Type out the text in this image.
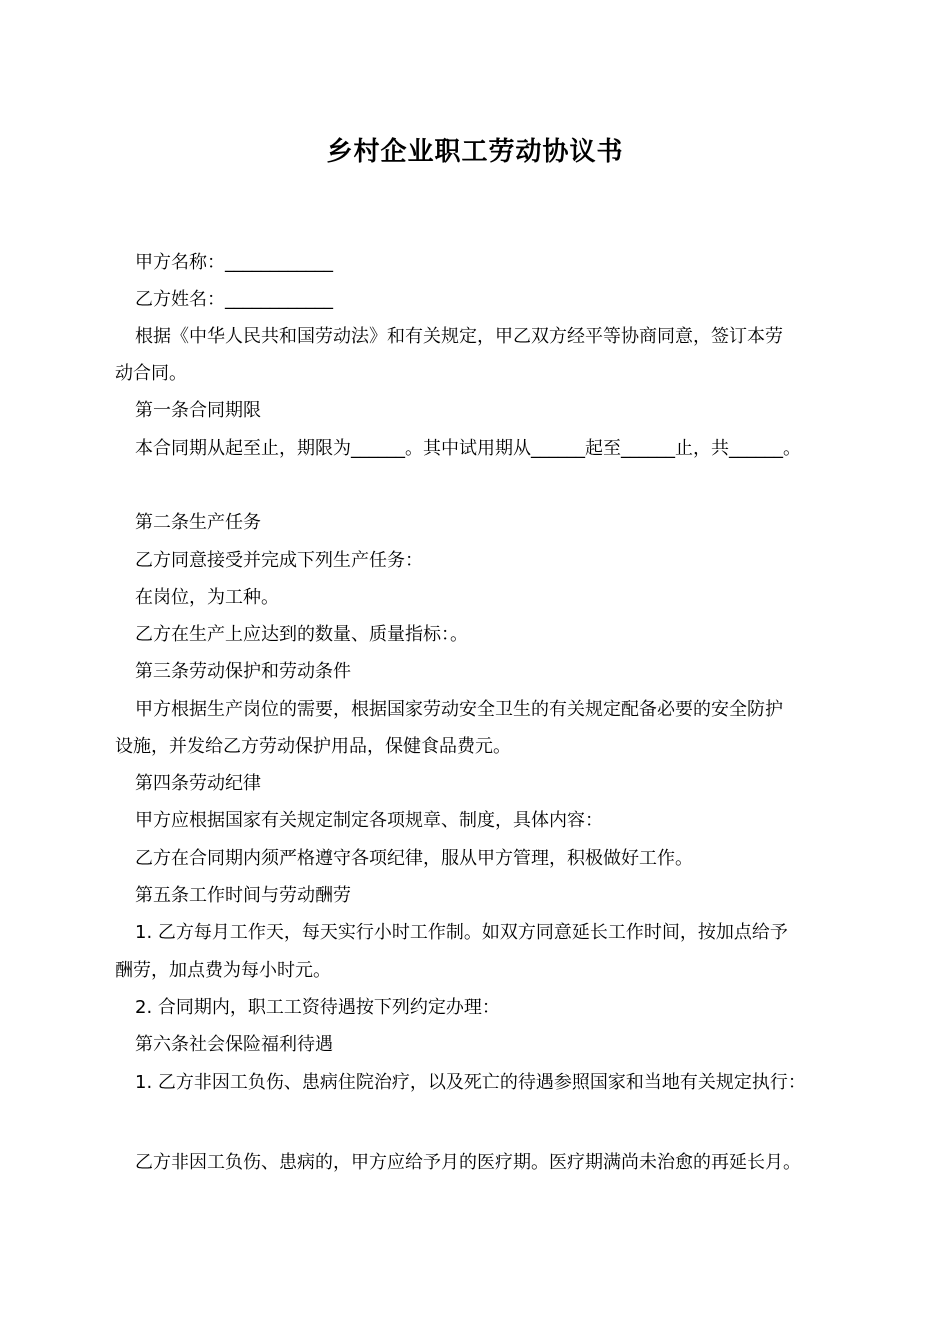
乡村企业职工劳动协议书
甲方名称：____________
乙方姓名：____________
根据《中华人民共和国劳动法》和有关规定，甲乙双方经平等协商同意，签订本劳
动合同。
第一条合同期限
本合同期从起至止，期限为______。其中试用期从______起至______止，共______。
第二条生产任务
乙方同意接受并完成下列生产任务：
在岗位，为工种。
乙方在生产上应达到的数量、质量指标：。
第三条劳动保护和劳动条件
甲方根据生产岗位的需要，根据国家劳动安全卫生的有关规定配备必要的安全防护
设施，并发给乙方劳动保护用品，保健食品费元。
第四条劳动纪律
甲方应根据国家有关规定制定各项规章、制度，具体内容：
乙方在合同期内须严格遵守各项纪律，服从甲方管理，积极做好工作。
第五条工作时间与劳动酬劳
1. 乙方每月工作天，每天实行小时工作制。如双方同意延长工作时间，按加点给予
酬劳，加点费为每小时元。
2. 合同期内，职工工资待遇按下列约定办理：
第六条社会保险福利待遇
1. 乙方非因工负伤、患病住院治疗，以及死亡的待遇参照国家和当地有关规定执行：
乙方非因工负伤、患病的，甲方应给予月的医疗期。医疗期满尚未治愈的再延长月。
